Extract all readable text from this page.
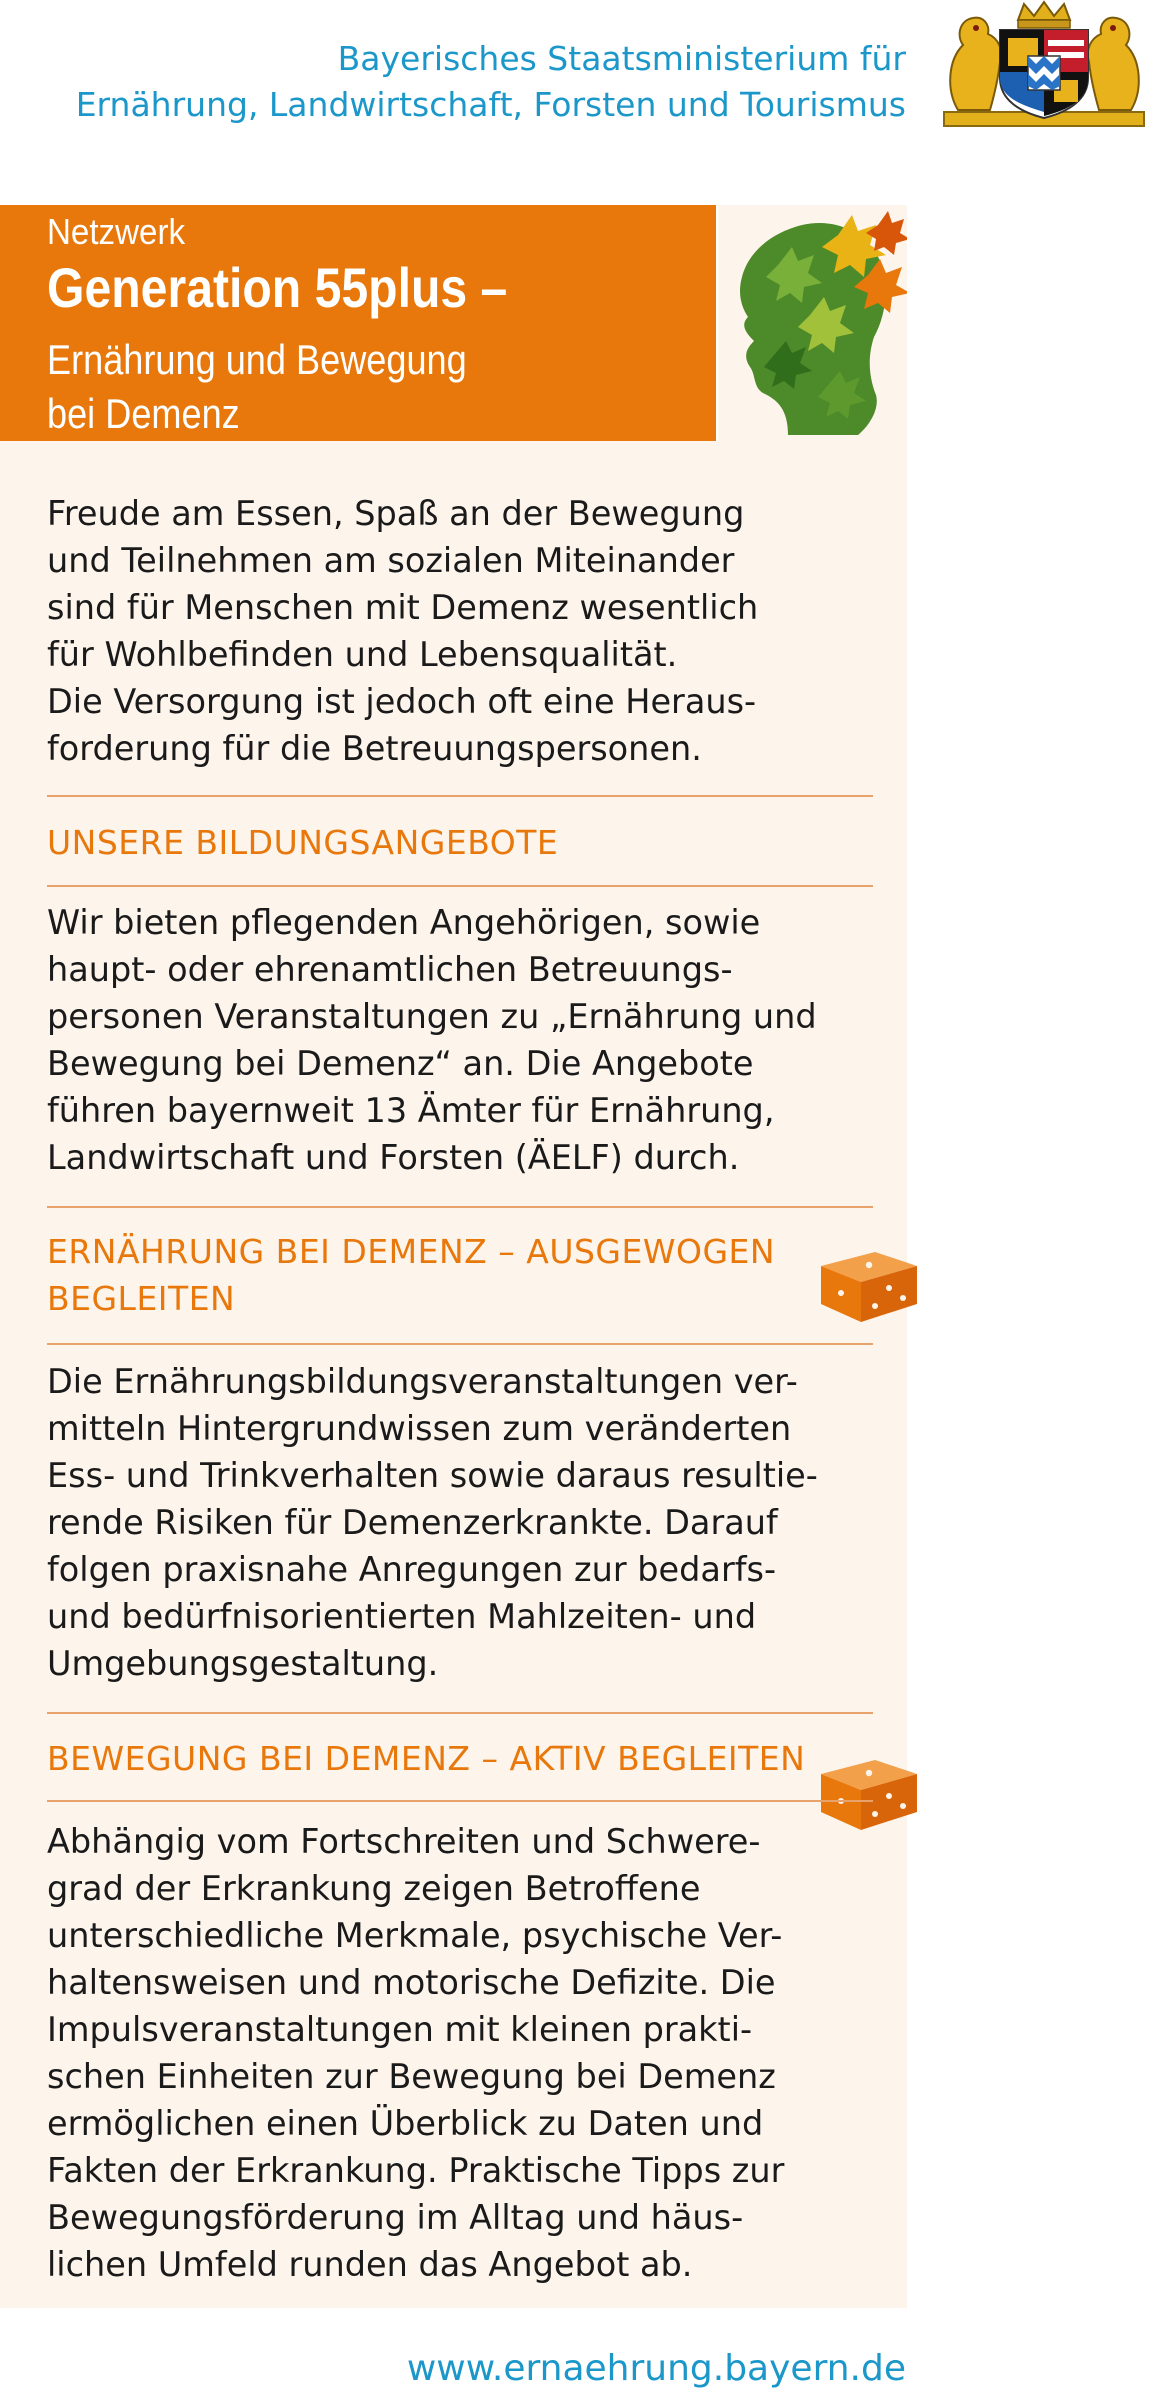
Bayerisches Staatsministerium für
Ernährung, Landwirtschaft, Forsten und Tourismus
Netzwerk
Generation 55plus –
Ernährung und Bewegung
bei Demenz
Freude am Essen, Spaß an der Bewegung
und Teilnehmen am sozialen Miteinander
sind für Menschen mit Demenz wesentlich
für Wohlbefinden und Lebensqualität.
Die Versorgung ist jedoch oft eine Heraus-
forderung für die Betreuungspersonen.
UNSERE BILDUNGSANGEBOTE
Wir bieten pflegenden Angehörigen, sowie
haupt- oder ehrenamtlichen Betreuungs-
personen Veranstaltungen zu „Ernährung und
Bewegung bei Demenz“ an. Die Angebote
führen bayernweit 13 Ämter für Ernährung,
Landwirtschaft und Forsten (ÄELF) durch.
ERNÄHRUNG BEI DEMENZ – AUSGEWOGEN
BEGLEITEN
Die Ernährungsbildungsveranstaltungen ver-
mitteln Hintergrundwissen zum veränderten
Ess- und Trinkverhalten sowie daraus resultie-
rende Risiken für Demenzerkrankte. Darauf
folgen praxisnahe Anregungen zur bedarfs-
und bedürfnisorientierten Mahlzeiten- und
Umgebungsgestaltung.
BEWEGUNG BEI DEMENZ – AKTIV BEGLEITEN
Abhängig vom Fortschreiten und Schwere-
grad der Erkrankung zeigen Betroffene
unterschiedliche Merkmale, psychische Ver-
haltensweisen und motorische Defizite. Die
Impulsveranstaltungen mit kleinen prakti-
schen Einheiten zur Bewegung bei Demenz
ermöglichen einen Überblick zu Daten und
Fakten der Erkrankung. Praktische Tipps zur
Bewegungsförderung im Alltag und häus-
lichen Umfeld runden das Angebot ab.
www.ernaehrung.bayern.de
